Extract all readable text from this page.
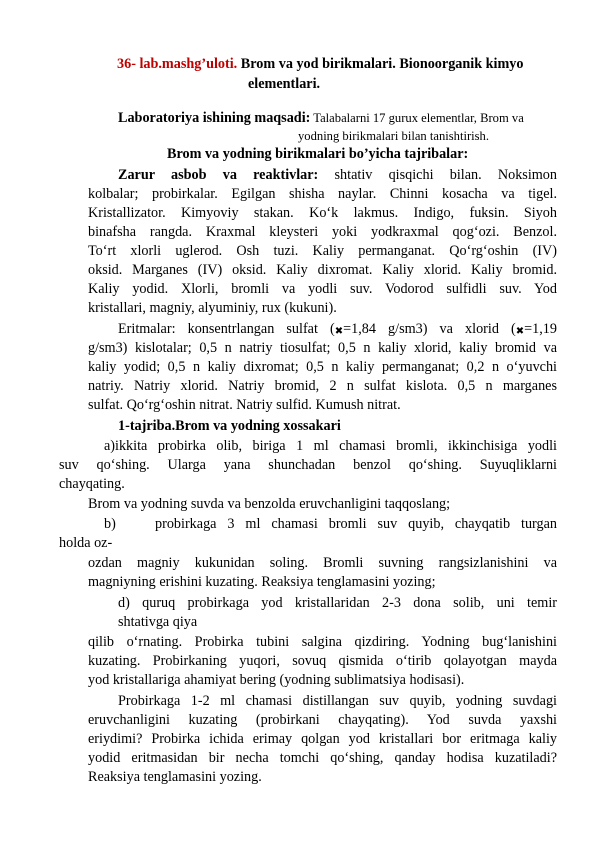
36- lab.mashg’uloti. Brom va yod birikmalari. Bionoorganik kimyo
elementlari.
Laboratoriya ishining maqsadi: Talabalarni 17 gurux elementlar, Brom va
yodning birikmalari bilan tanishtirish.
Brom va yodning birikmalari bo’yicha tajribalar:
Zarur asbob va reaktivlar: shtativ qisqichi bilan. Noksimon
kolbalar; probirkalar. Egilgan shisha naylar. Chinni kosacha va tigel.
Kristallizator. Kimyoviy stakan. Ko‘k lakmus. Indigo, fuksin. Siyoh
binafsha rangda. Kraxmal kleysteri yoki yodkraxmal qog‘ozi. Benzol.
To‘rt xlorli uglerod. Osh tuzi. Kaliy permanganat. Qo‘rg‘oshin (IV)
oksid. Marganes (IV) oksid. Kaliy dixromat. Kaliy xlorid. Kaliy bromid.
Kaliy yodid. Xlorli, bromli va yodli suv. Vodorod sulfidli suv. Yod
kristallari, magniy, alyuminiy, rux (kukuni).
Eritmalar: konsentrlangan sulfat (✖=1,84 g/sm3) va xlorid (✖=1,19
g/sm3) kislotalar; 0,5 n natriy tiosulfat; 0,5 n kaliy xlorid, kaliy bromid va
kaliy yodid; 0,5 n kaliy dixromat; 0,5 n kaliy permanganat; 0,2 n o‘yuvchi
natriy. Natriy xlorid. Natriy bromid, 2 n sulfat kislota. 0,5 n marganes
sulfat. Qo‘rg‘oshin nitrat. Natriy sulfid. Kumush nitrat.
1-tajriba.Brom va yodning xossakari
a)ikkita probirka olib, biriga 1 ml chamasi bromli, ikkinchisiga yodli
suv qo‘shing. Ularga yana shunchadan benzol qo‘shing. Suyuqliklarni
chayqating.
Brom va yodning suvda va benzolda eruvchanligini taqqoslang;
b)	probirkaga 3 ml chamasi bromli suv quyib, chayqatib turgan
holda oz-
ozdan magniy kukunidan soling. Bromli suvning rangsizlanishini va
magniyning erishini kuzating. Reaksiya tenglamasini yozing;
d) quruq probirkaga yod kristallaridan 2-3 dona solib, uni temir
shtativga qiya
qilib o‘rnating. Probirka tubini salgina qizdiring. Yodning bug‘lanishini
kuzating. Probirkaning yuqori, sovuq qismida o‘tirib qolayotgan mayda
yod kristallariga ahamiyat bering (yodning sublimatsiya hodisasi).
Probirkaga 1-2 ml chamasi distillangan suv quyib, yodning suvdagi
eruvchanligini kuzating (probirkani chayqating). Yod suvda yaxshi
eriydimi? Probirka ichida erimay qolgan yod kristallari bor eritmaga kaliy
yodid eritmasidan bir necha tomchi qo‘shing, qanday hodisa kuzatiladi?
Reaksiya tenglamasini yozing.
